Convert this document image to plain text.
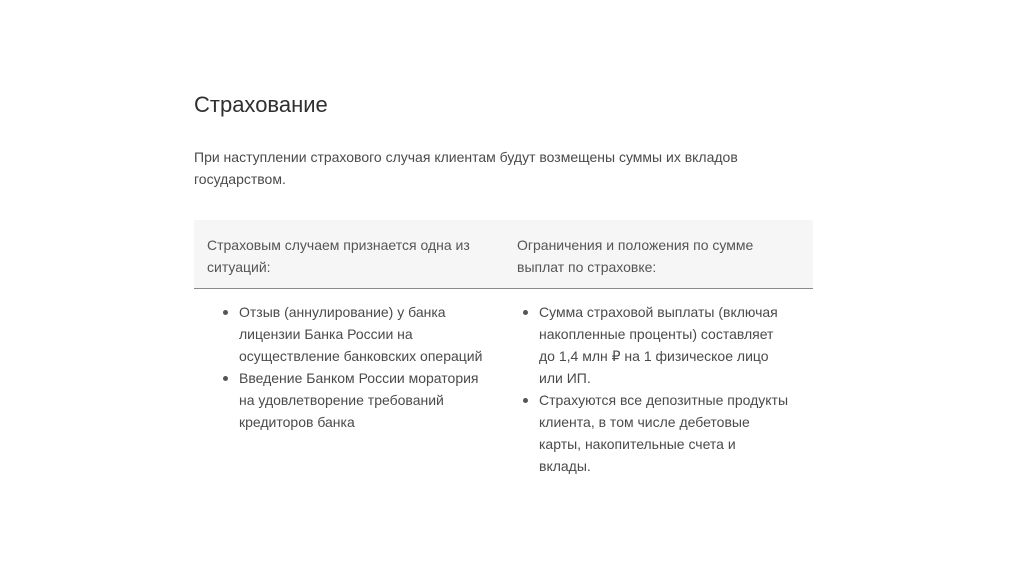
Страхование

При наступлении страхового случая клиентам будут возмещены суммы их вкладов государством.

Страховым случаем признается одна из ситуаций:
Ограничения и положения по сумме выплат по страховке:
Отзыв (аннулирование) у банка лицензии Банка России на осуществление банковских операций
Введение Банком России моратория на удовлетворение требований кредиторов банка
Сумма страховой выплаты (включая накопленные проценты) составляет до 1,4 млн ₽ на 1 физическое лицо или ИП.
Страхуются все депозитные продукты клиента, в том числе дебетовые карты, накопительные счета и вклады.
